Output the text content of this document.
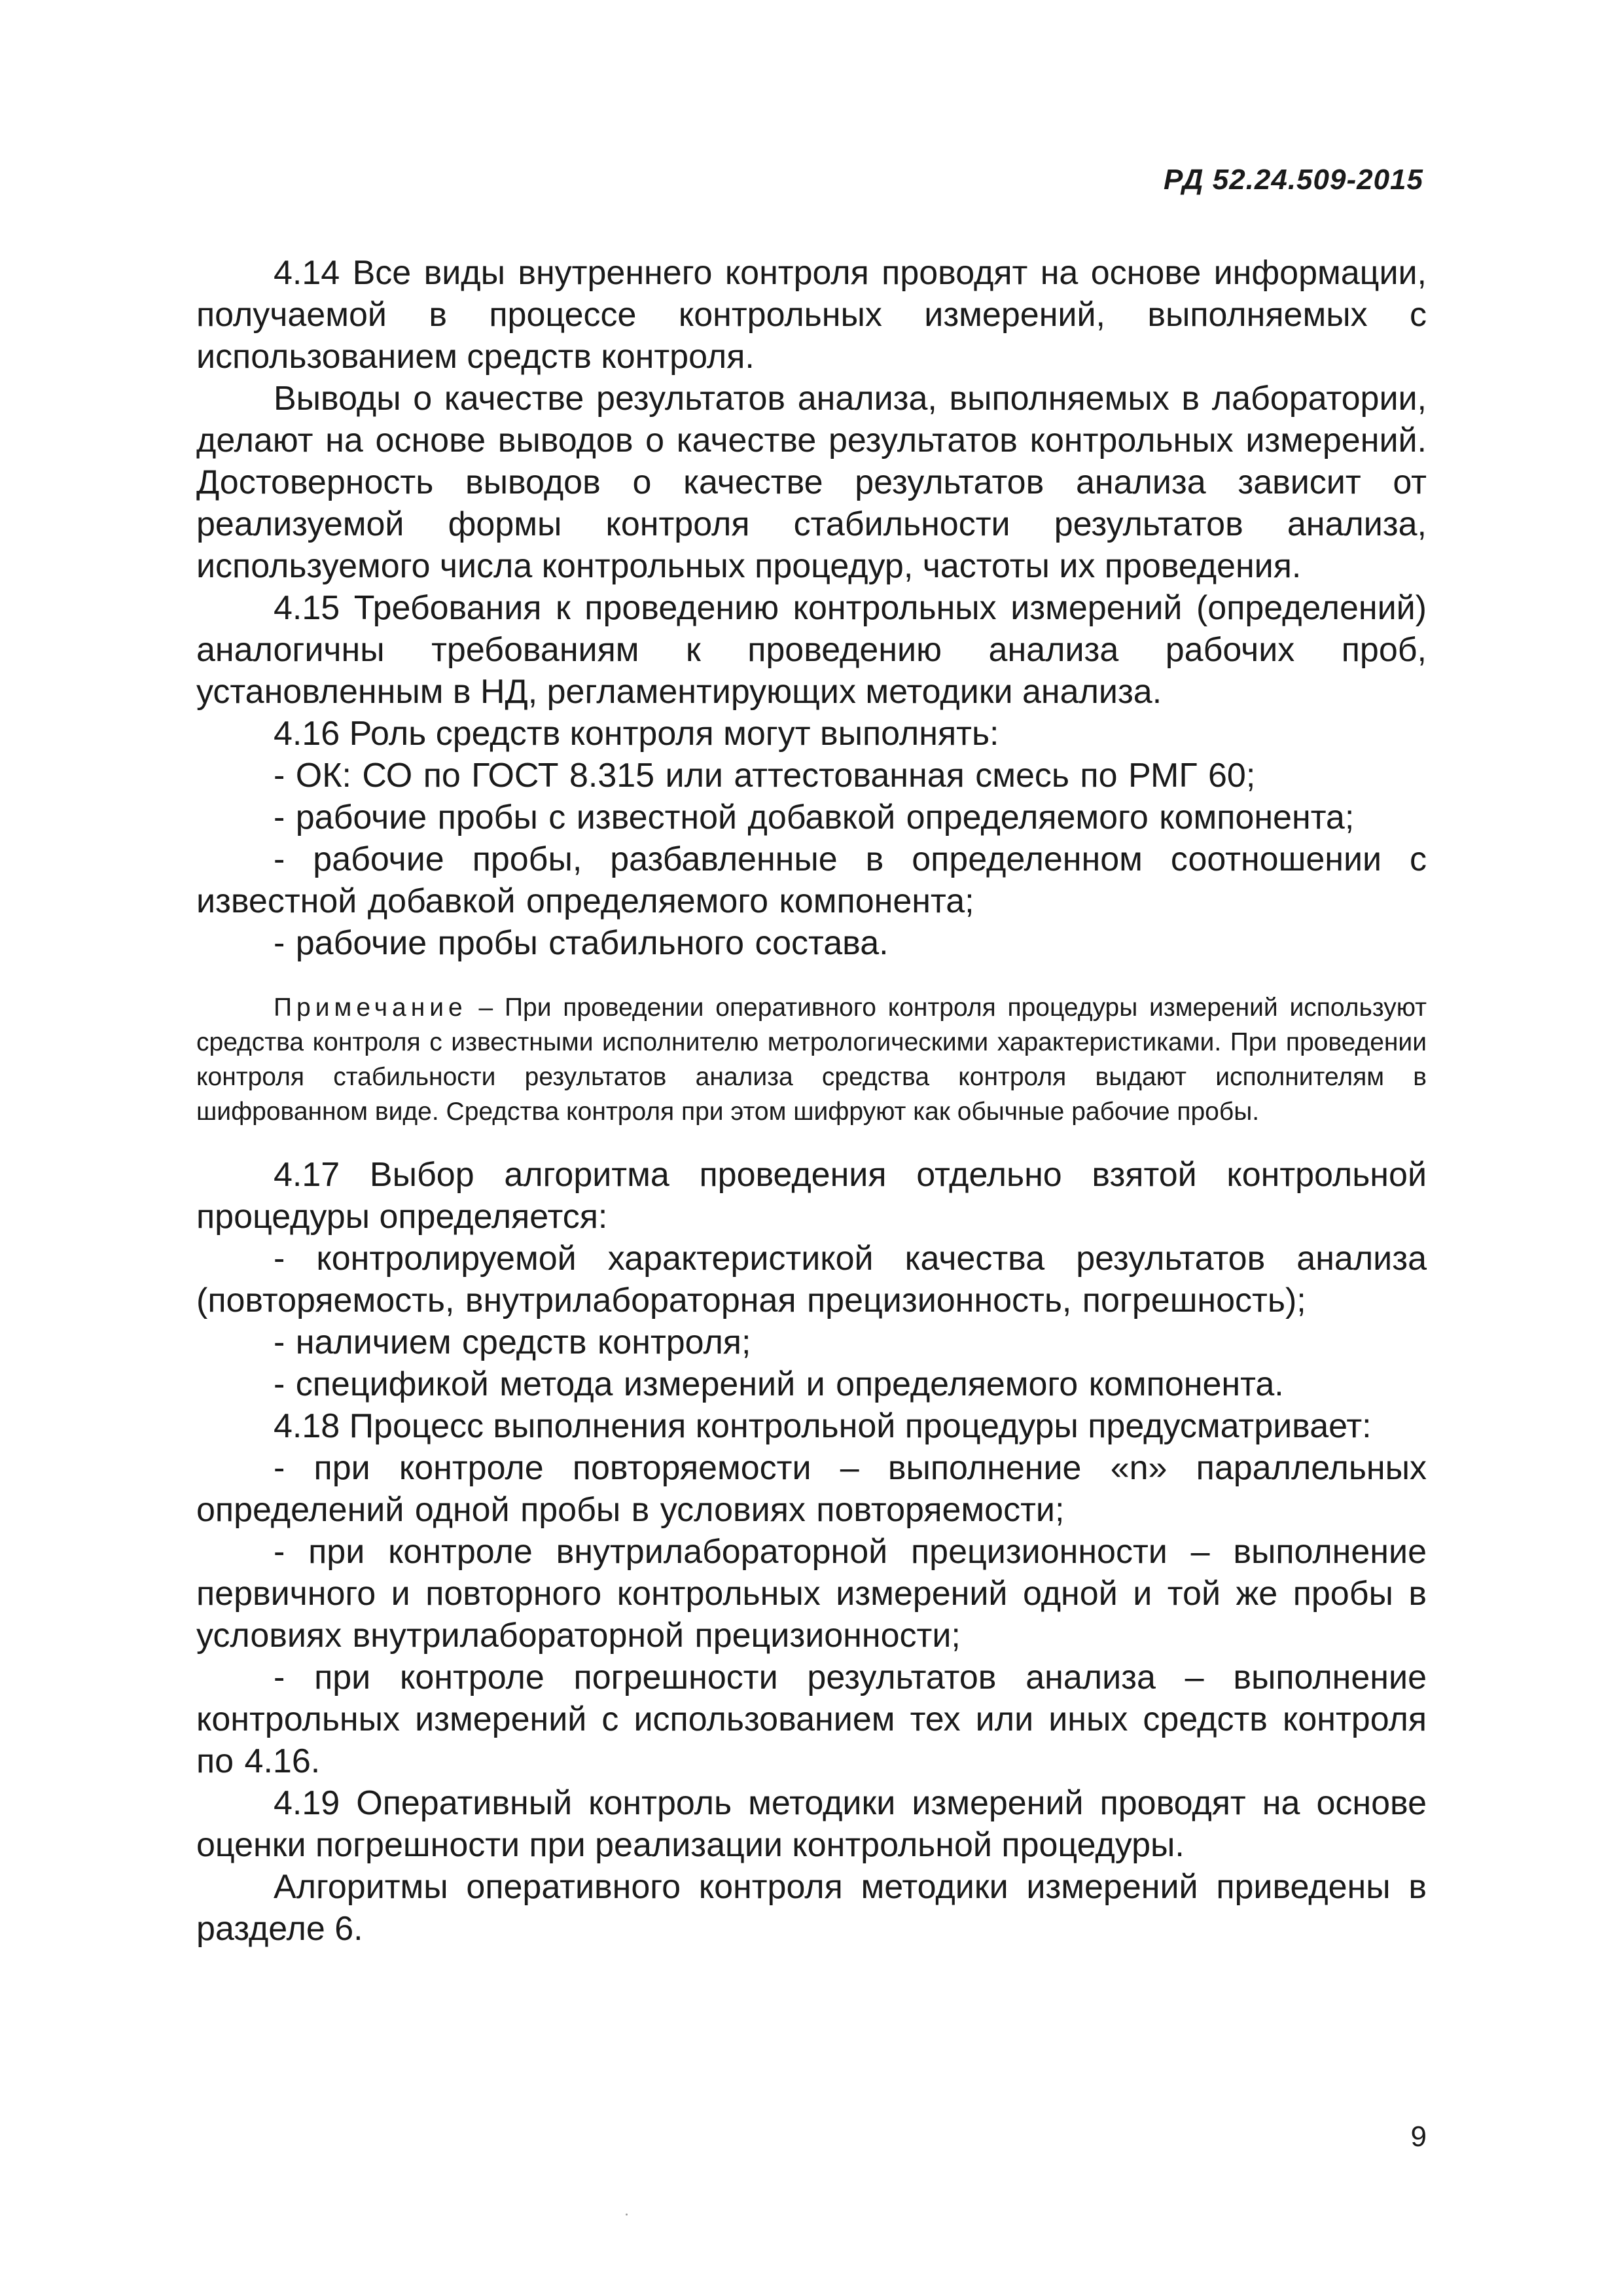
РД 52.24.509-2015

4.14 Все виды внутреннего контроля проводят на основе информации, получаемой в процессе контрольных измерений, выполняемых с использованием средств контроля.

Выводы о качестве результатов анализа, выполняемых в лаборатории, делают на основе выводов о качестве результатов контрольных измерений. Достоверность выводов о качестве результатов анализа зависит от реализуемой формы контроля стабильности результатов анализа, используемого числа контрольных процедур, частоты их проведения.

4.15 Требования к проведению контрольных измерений (определений) аналогичны требованиям к проведению анализа рабочих проб, установленным в НД, регламентирующих методики анализа.

4.16 Роль средств контроля могут выполнять:

- ОК: СО по ГОСТ 8.315 или аттестованная смесь по РМГ 60;

- рабочие пробы с известной добавкой определяемого компонента;

- рабочие пробы, разбавленные в определенном соотношении с известной добавкой определяемого компонента;

- рабочие пробы стабильного состава.

Примечание – При проведении оперативного контроля процедуры измерений используют средства контроля с известными исполнителю метрологическими характеристиками. При проведении контроля стабильности результатов анализа средства контроля выдают исполнителям в шифрованном виде. Средства контроля при этом шифруют как обычные рабочие пробы.

4.17 Выбор алгоритма проведения отдельно взятой контрольной процедуры определяется:

- контролируемой характеристикой качества результатов анализа (повторяемость, внутрилабораторная прецизионность, погрешность);

- наличием средств контроля;

- спецификой метода измерений и определяемого компонента.

4.18 Процесс выполнения контрольной процедуры предусматривает:

- при контроле повторяемости – выполнение «n» параллельных определений одной пробы в условиях повторяемости;

- при контроле внутрилабораторной прецизионности – выполнение первичного и повторного контрольных измерений одной и той же пробы в условиях внутрилабораторной прецизионности;

- при контроле погрешности результатов анализа – выполнение контрольных измерений с использованием тех или иных средств контроля по 4.16.

4.19 Оперативный контроль методики измерений проводят на основе оценки погрешности при реализации контрольной процедуры.

Алгоритмы оперативного контроля методики измерений приведены в разделе 6.

9
